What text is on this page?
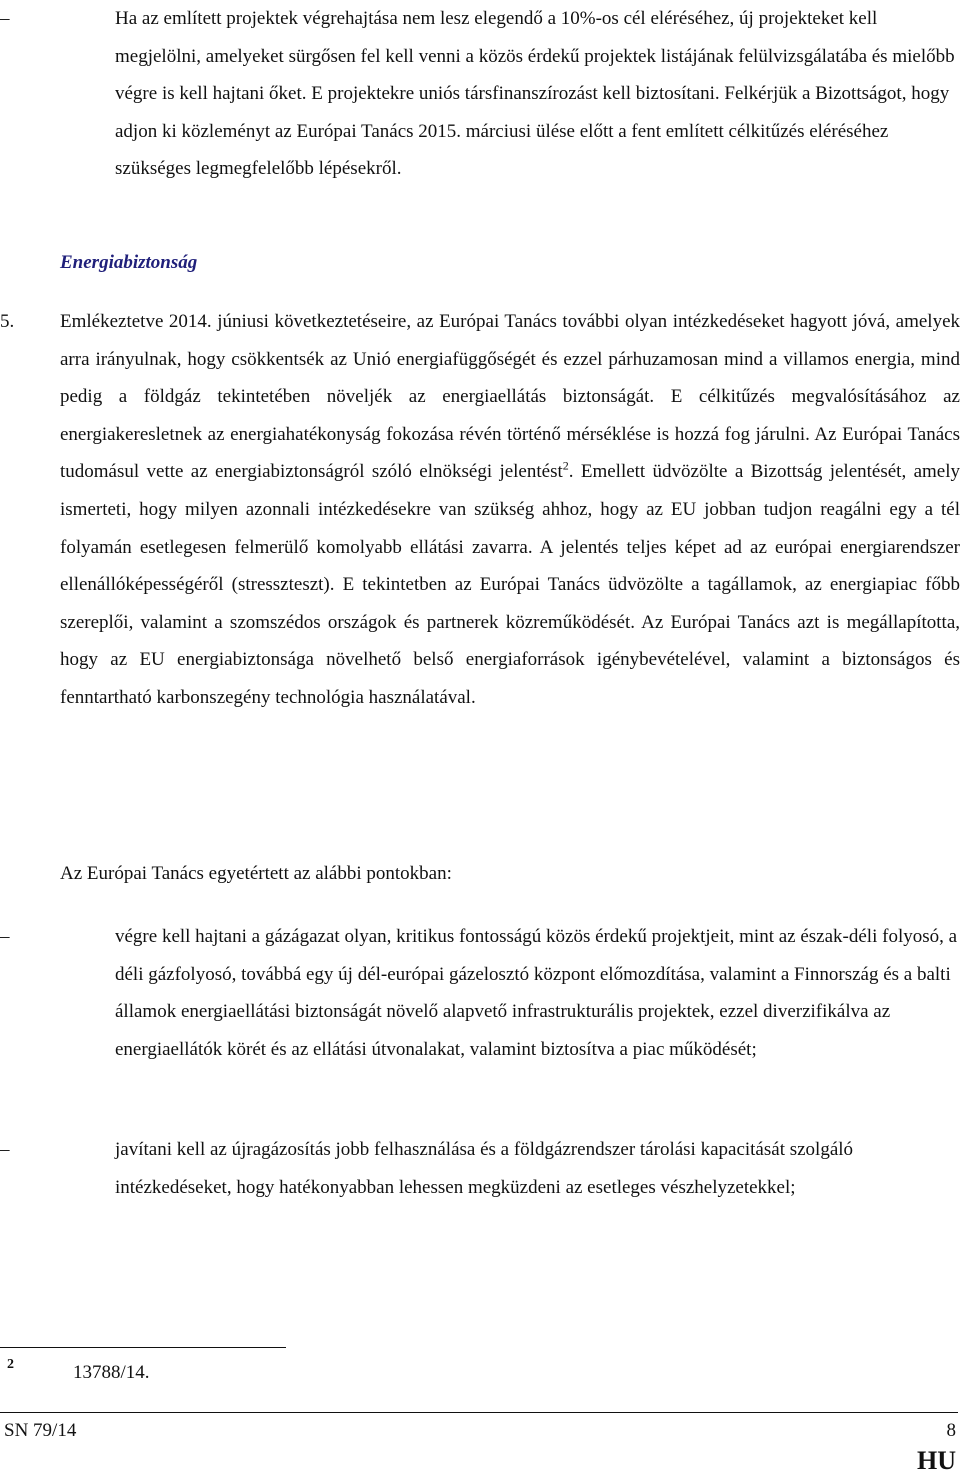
–	Ha az említett projektek végrehajtása nem lesz elegendő a 10%-os cél eléréséhez, új projekteket kell megjelölni, amelyeket sürgősen fel kell venni a közös érdekű projektek listájának felülvizsgálatába és mielőbb végre is kell hajtani őket. E projektekre uniós társfinanszírozást kell biztosítani. Felkérjük a Bizottságot, hogy adjon ki közleményt az Európai Tanács 2015. márciusi ülése előtt a fent említett célkitűzés eléréséhez szükséges legmegfelelőbb lépésekről.

Energiabiztonság
5. Emlékeztetve 2014. júniusi következtetéseire, az Európai Tanács további olyan intézkedéseket hagyott jóvá, amelyek arra irányulnak, hogy csökkentsék az Unió energiafüggőségét és ezzel párhuzamosan mind a villamos energia, mind pedig a földgáz tekintetében növeljék az energiaellátás biztonságát. E célkitűzés megvalósításához az energiakeresletnek az energiahatékonyság fokozása révén történő mérséklése is hozzá fog járulni. Az Európai Tanács tudomásul vette az energiabiztonságról szóló elnökségi jelentést$^2$. Emellett üdvözölte a Bizottság jelentését, amely ismerteti, hogy milyen azonnali intézkedésekre van szükség ahhoz, hogy az EU jobban tudjon reagálni egy a tél folyamán esetlegesen felmerülő komolyabb ellátási zavarra. A jelentés teljes képet ad az európai energiarendszer ellenállóképességéről (stresszteszt). E tekintetben az Európai Tanács üdvözölte a tagállamok, az energiapiac főbb szereplői, valamint a szomszédos országok és partnerek közreműködését. Az Európai Tanács azt is megállapította, hogy az EU energiabiztonsága növelhető belső energiaforrások igénybevételével, valamint a biztonságos és fenntartható karbonszegény technológia használatával.

Az Európai Tanács egyetértett az alábbi pontokban:

–	végre kell hajtani a gázágazat olyan, kritikus fontosságú közös érdekű projektjeit, mint az észak-déli folyosó, a déli gázfolyosó, továbbá egy új dél-európai gázelosztó központ előmozdítása, valamint a Finnország és a balti államok energiaellátási biztonságát növelő alapvető infrastrukturális projektek, ezzel diverzifikálva az energiaellátók körét és az ellátási útvonalakat, valamint biztosítva a piac működését;

–	javítani kell az újragázosítás jobb felhasználása és a földgázrendszer tárolási kapacitását szolgáló intézkedéseket, hogy hatékonyabban lehessen megküzdeni az esetleges vészhelyzetekkel;

2	13788/14.
SN 79/14	8
HU
